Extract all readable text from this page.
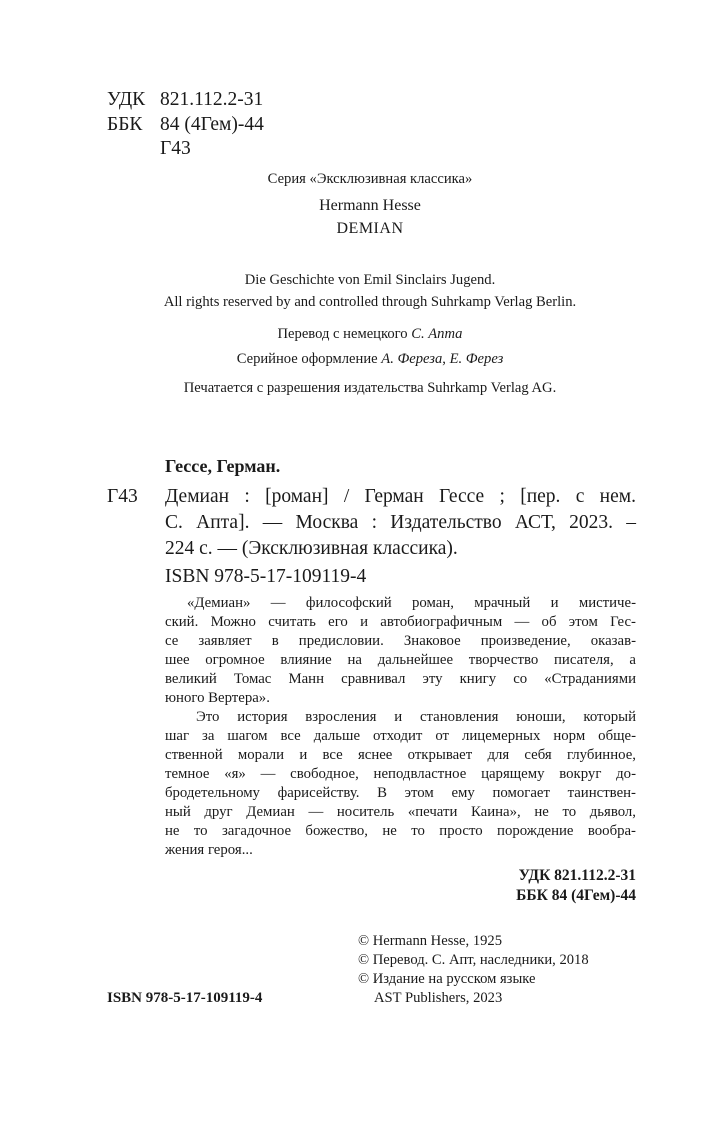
УДК 821.112.2-31
ББК 84 (4Гем)-44
Г43
Серия «Эксклюзивная классика»
Hermann Hesse
DEMIAN
Die Geschichte von Emil Sinclairs Jugend.
All rights reserved by and controlled through Suhrkamp Verlag Berlin.
Перевод с немецкого С. Апта
Серийное оформление А. Фереза, Е. Ферез
Печатается с разрешения издательства Suhrkamp Verlag AG.
Гессе, Герман.
Г43 Демиан : [роман] / Герман Гессе ; [пер. с нем.
С. Апта]. — Москва : Издательство АСТ, 2023. –
224 с. — (Эксклюзивная классика).
ISBN 978-5-17-109119-4
«Демиан» — философский роман, мрачный и мистиче-
ский. Можно считать его и автобиографичным — об этом Гес-
се заявляет в предисловии. Знаковое произведение, оказав-
шее огромное влияние на дальнейшее творчество писателя, а
великий Томас Манн сравнивал эту книгу со «Страданиями
юного Вертера».
Это история взросления и становления юноши, который
шаг за шагом все дальше отходит от лицемерных норм обще-
ственной морали и все яснее открывает для себя глубинное,
темное «я» — свободное, неподвластное царящему вокруг до-
бродетельному фарисейству. В этом ему помогает таинствен-
ный друг Демиан — носитель «печати Каина», не то дьявол,
не то загадочное божество, не то просто порождение вообра-
жения героя...
УДК 821.112.2-31
ББК 84 (4Гем)-44
© Hermann Hesse, 1925
© Перевод. С. Апт, наследники, 2018
© Издание на русском языке
AST Publishers, 2023
ISBN 978-5-17-109119-4
